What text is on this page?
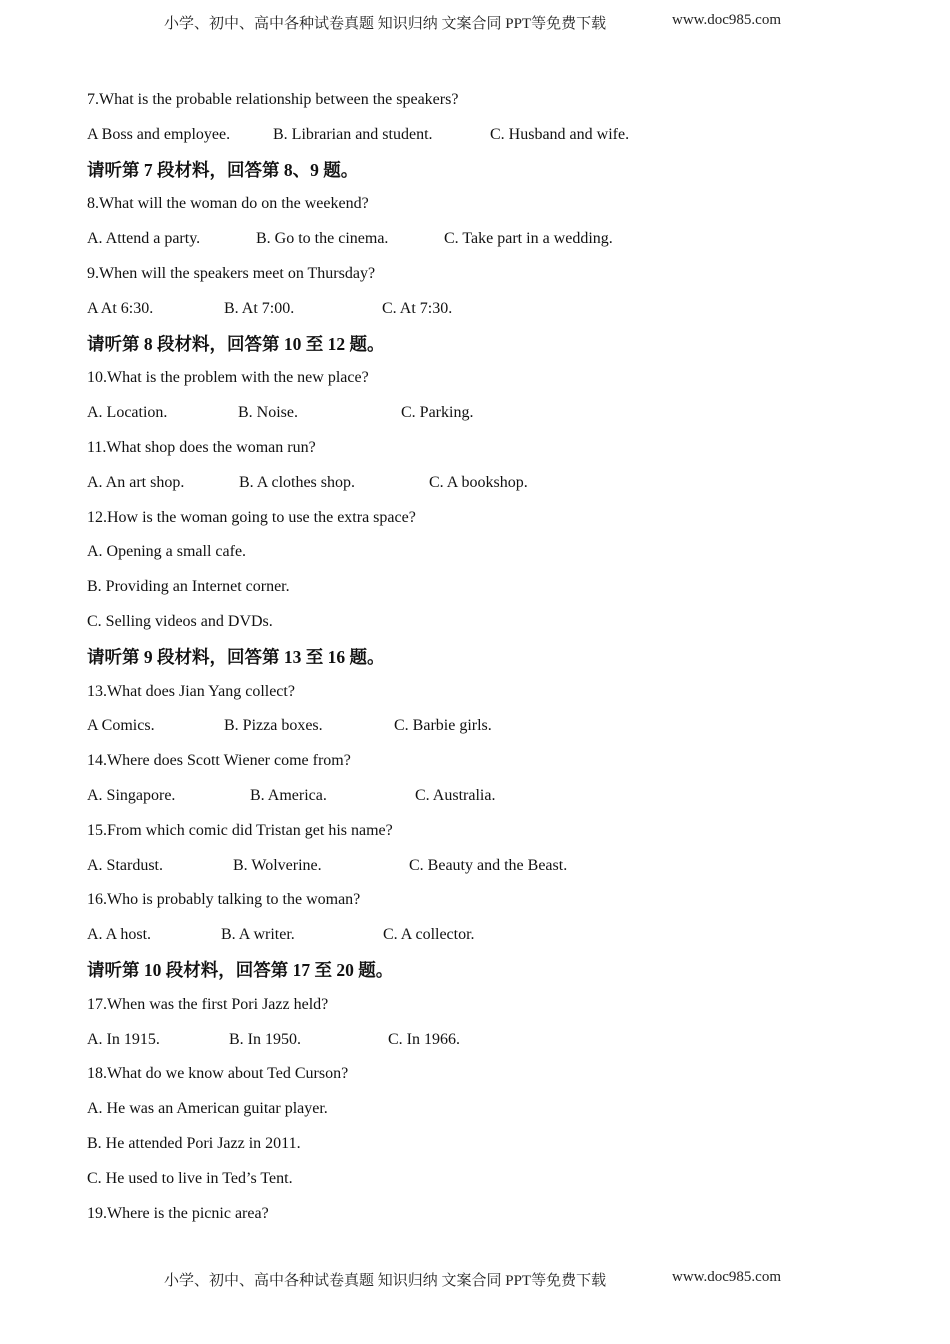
小学、初中、高中各种试卷真题 知识归纳 文案合同 PPT等免费下载	www.doc985.com
7.What is the probable relationship between the speakers?
A Boss and employee.	B. Librarian and student.	C. Husband and wife.
请听第 7 段材料，回答第 8、9 题。
8.What will the woman do on the weekend?
A. Attend a party.	B. Go to the cinema.	C. Take part in a wedding.
9.When will the speakers meet on Thursday?
A At 6:30.	B. At 7:00.	C. At 7:30.
请听第 8 段材料，回答第 10 至 12 题。
10.What is the problem with the new place?
A. Location.	B. Noise.	C. Parking.
11.What shop does the woman run?
A. An art shop.	B. A clothes shop.	C. A bookshop.
12.How is the woman going to use the extra space?
A. Opening a small cafe.
B. Providing an Internet corner.
C. Selling videos and DVDs.
请听第 9 段材料，回答第 13 至 16 题。
13.What does Jian Yang collect?
A Comics.	B. Pizza boxes.	C. Barbie girls.
14.Where does Scott Wiener come from?
A. Singapore.	B. America.	C. Australia.
15.From which comic did Tristan get his name?
A. Stardust.	B. Wolverine.	C. Beauty and the Beast.
16.Who is probably talking to the woman?
A. A host.	B. A writer.	C. A collector.
请听第 10 段材料，回答第 17 至 20 题。
17.When was the first Pori Jazz held?
A. In 1915.	B. In 1950.	C. In 1966.
18.What do we know about Ted Curson?
A. He was an American guitar player.
B. He attended Pori Jazz in 2011.
C. He used to live in Ted’s Tent.
19.Where is the picnic area?
小学、初中、高中各种试卷真题 知识归纳 文案合同 PPT等免费下载	www.doc985.com
